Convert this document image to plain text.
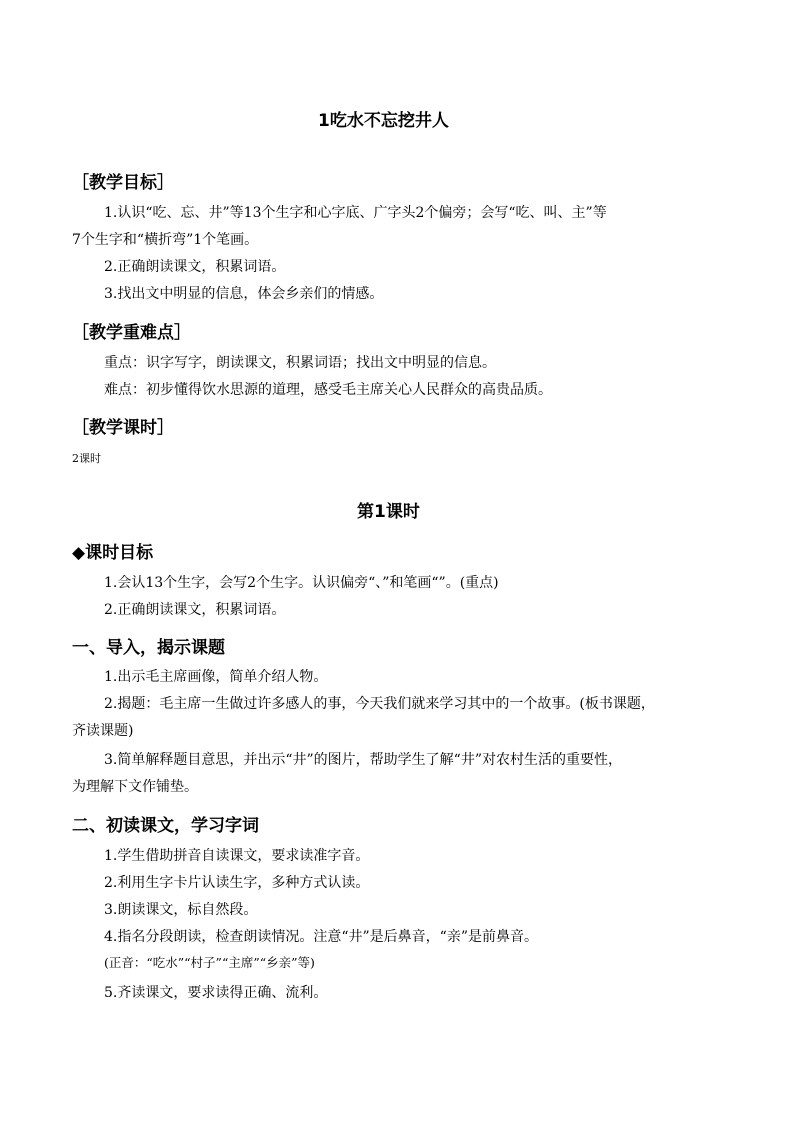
1吃水不忘挖井人
［教学目标］
1.认识“吃、忘、井”等13个生字和心字底、广字头2个偏旁；会写“吃、叫、主”等
7个生字和“横折弯”1个笔画。
2.正确朗读课文，积累词语。
3.找出文中明显的信息，体会乡亲们的情感。
［教学重难点］
重点：识字写字，朗读课文，积累词语；找出文中明显的信息。
难点：初步懂得饮水思源的道理，感受毛主席关心人民群众的高贵品质。
［教学课时］
2课时
第1课时
◆课时目标
1.会认13个生字，会写2个生字。认识偏旁“、”和笔画“”。(重点)
2.正确朗读课文，积累词语。
一、导入，揭示课题
1.出示毛主席画像，简单介绍人物。
2.揭题：毛主席一生做过许多感人的事，今天我们就来学习其中的一个故事。(板书课题，
齐读课题)
3.简单解释题目意思，并出示“井”的图片，帮助学生了解“井”对农村生活的重要性，
为理解下文作铺垫。
二、初读课文，学习字词
1.学生借助拼音自读课文，要求读准字音。
2.利用生字卡片认读生字，多种方式认读。
3.朗读课文，标自然段。
4.指名分段朗读，检查朗读情况。注意“井”是后鼻音，“亲”是前鼻音。
(正音：“吃水”“村子”“主席”“乡亲”等)
5.齐读课文，要求读得正确、流利。
